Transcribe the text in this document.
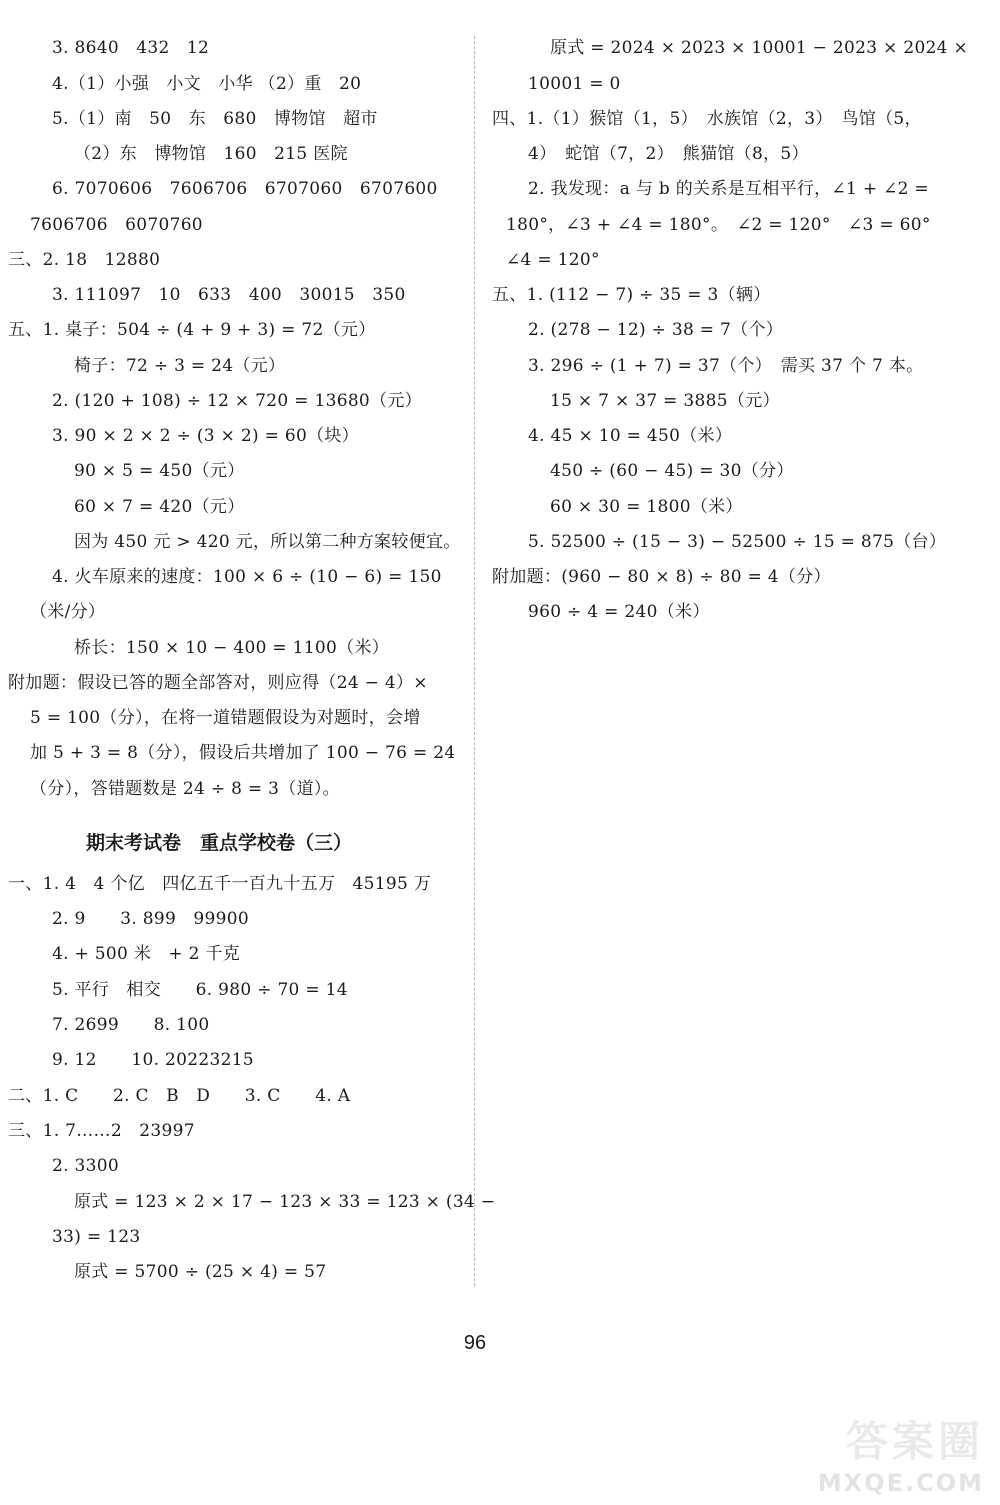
3. 8640　432　12
4.（1）小强　小文　小华 （2）重　20
5.（1）南　50　东　680　博物馆　超市
（2）东　博物馆　160　215 医院
6. 7070606　7606706　6707060　6707600
7606706　6070760
三、2. 18　12880
3. 111097　10　633　400　30015　350
五、1. 桌子：504 ÷ (4 + 9 + 3) = 72（元）
椅子：72 ÷ 3 = 24（元）
2. (120 + 108) ÷ 12 × 720 = 13680（元）
3. 90 × 2 × 2 ÷ (3 × 2) = 60（块）
90 × 5 = 450（元）
60 × 7 = 420（元）
因为 450 元 > 420 元，所以第二种方案较便宜。
4. 火车原来的速度：100 × 6 ÷ (10 − 6) = 150
（米/分）
桥长：150 × 10 − 400 = 1100（米）
附加题：假设已答的题全部答对，则应得（24 − 4）×
5 = 100（分），在将一道错题假设为对题时，会增
加 5 + 3 = 8（分），假设后共增加了 100 − 76 = 24
（分），答错题数是 24 ÷ 8 = 3（道）。
期末考试卷　重点学校卷（三）
一、1. 4　4 个亿　四亿五千一百九十五万　45195 万
2. 9　　3. 899　99900
4. + 500 米　+ 2 千克
5. 平行　相交　　6. 980 ÷ 70 = 14
7. 2699　　8. 100
9. 12　　10. 20223215
二、1. C　　2. C　B　D　　3. C　　4. A
三、1. 7……2　23997
2. 3300
原式 = 123 × 2 × 17 − 123 × 33 = 123 × (34 −
33) = 123
原式 = 5700 ÷ (25 × 4) = 57
原式 = 2024 × 2023 × 10001 − 2023 × 2024 ×
10001 = 0
四、1.（1）猴馆（1，5）　水族馆（2，3）　鸟馆（5，
4）　蛇馆（7，2）　熊猫馆（8，5）
2. 我发现：a 与 b 的关系是互相平行，∠1 + ∠2 =
180°，∠3 + ∠4 = 180°。　∠2 = 120°　∠3 = 60°
∠4 = 120°
五、1. (112 − 7) ÷ 35 = 3（辆）
2. (278 − 12) ÷ 38 = 7（个）
3. 296 ÷ (1 + 7) = 37（个）　需买 37 个 7 本。
15 × 7 × 37 = 3885（元）
4. 45 × 10 = 450（米）
450 ÷ (60 − 45) = 30（分）
60 × 30 = 1800（米）
5. 52500 ÷ (15 − 3) − 52500 ÷ 15 = 875（台）
附加题：(960 − 80 × 8) ÷ 80 = 4（分）
960 ÷ 4 = 240（米）
96
答案圈
MXQE.COM
